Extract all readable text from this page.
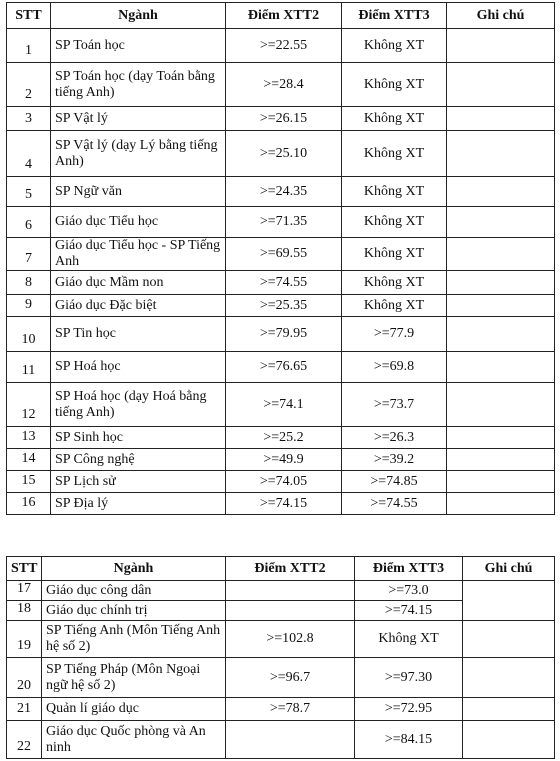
STT	Ngành	Điểm XTT2	Điểm XTT3	Ghi chú
1	SP Toán học	>=22.55	Không XT	
2	SP Toán học (dạy Toán bằng tiếng Anh)	>=28.4	Không XT	
3	SP Vật lý	>=26.15	Không XT	
4	SP Vật lý (dạy Lý bằng tiếng Anh)	>=25.10	Không XT	
5	SP Ngữ văn	>=24.35	Không XT	
6	Giáo dục Tiểu học	>=71.35	Không XT	
7	Giáo dục Tiểu học - SP Tiếng Anh	>=69.55	Không XT	
8	Giáo dục Mầm non	>=74.55	Không XT	
9	Giáo dục Đặc biệt	>=25.35	Không XT	
10	SP Tin học	>=79.95	>=77.9	
11	SP Hoá học	>=76.65	>=69.8	
12	SP Hoá học (dạy Hoá bằng tiếng Anh)	>=74.1	>=73.7	
13	SP Sinh học	>=25.2	>=26.3	
14	SP Công nghệ	>=49.9	>=39.2	
15	SP Lịch sử	>=74.05	>=74.85	
16	SP Địa lý	>=74.15	>=74.55	
STT	Ngành	Điểm XTT2	Điểm XTT3	Ghi chú
17	Giáo dục công dân		>=73.0	
18	Giáo dục chính trị		>=74.15	
19	SP Tiếng Anh (Môn Tiếng Anh hệ số 2)	>=102.8	Không XT	
20	SP Tiếng Pháp (Môn Ngoại ngữ hệ số 2)	>=96.7	>=97.30	
21	Quản lí giáo dục	>=78.7	>=72.95	
22	Giáo dục Quốc phòng và An ninh		>=84.15	
